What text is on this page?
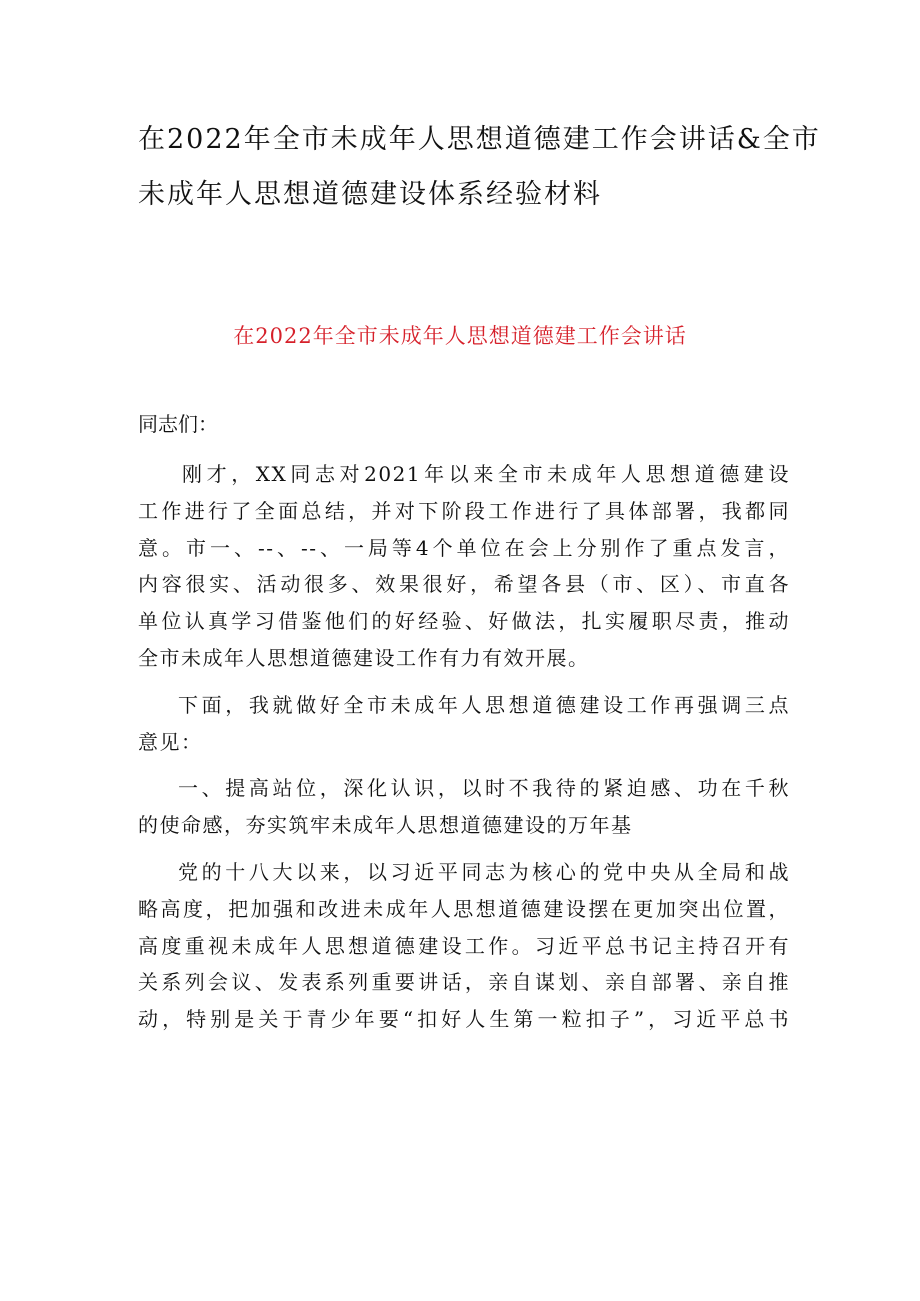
在2022年全市未成年人思想道德建工作会讲话&全市
未成年人思想道德建设体系经验材料
在2022年全市未成年人思想道德建工作会讲话

同志们：

刚才，XX同志对2021年以来全市未成年人思想道德建设
工作进行了全面总结，并对下阶段工作进行了具体部署，我都同
意。市一、--、--、一局等4个单位在会上分别作了重点发言，
内容很实、活动很多、效果很好，希望各县（市、区）、市直各
单位认真学习借鉴他们的好经验、好做法，扎实履职尽责，推动
全市未成年人思想道德建设工作有力有效开展。
下面，我就做好全市未成年人思想道德建设工作再强调三点
意见：
一、提高站位，深化认识，以时不我待的紧迫感、功在千秋
的使命感，夯实筑牢未成年人思想道德建设的万年基
党的十八大以来，以习近平同志为核心的党中央从全局和战
略高度，把加强和改进未成年人思想道德建设摆在更加突出位置，
高度重视未成年人思想道德建设工作。习近平总书记主持召开有
关系列会议、发表系列重要讲话，亲自谋划、亲自部署、亲自推
动，特别是关于青少年要“扣好人生第一粒扣子”，习近平总书
